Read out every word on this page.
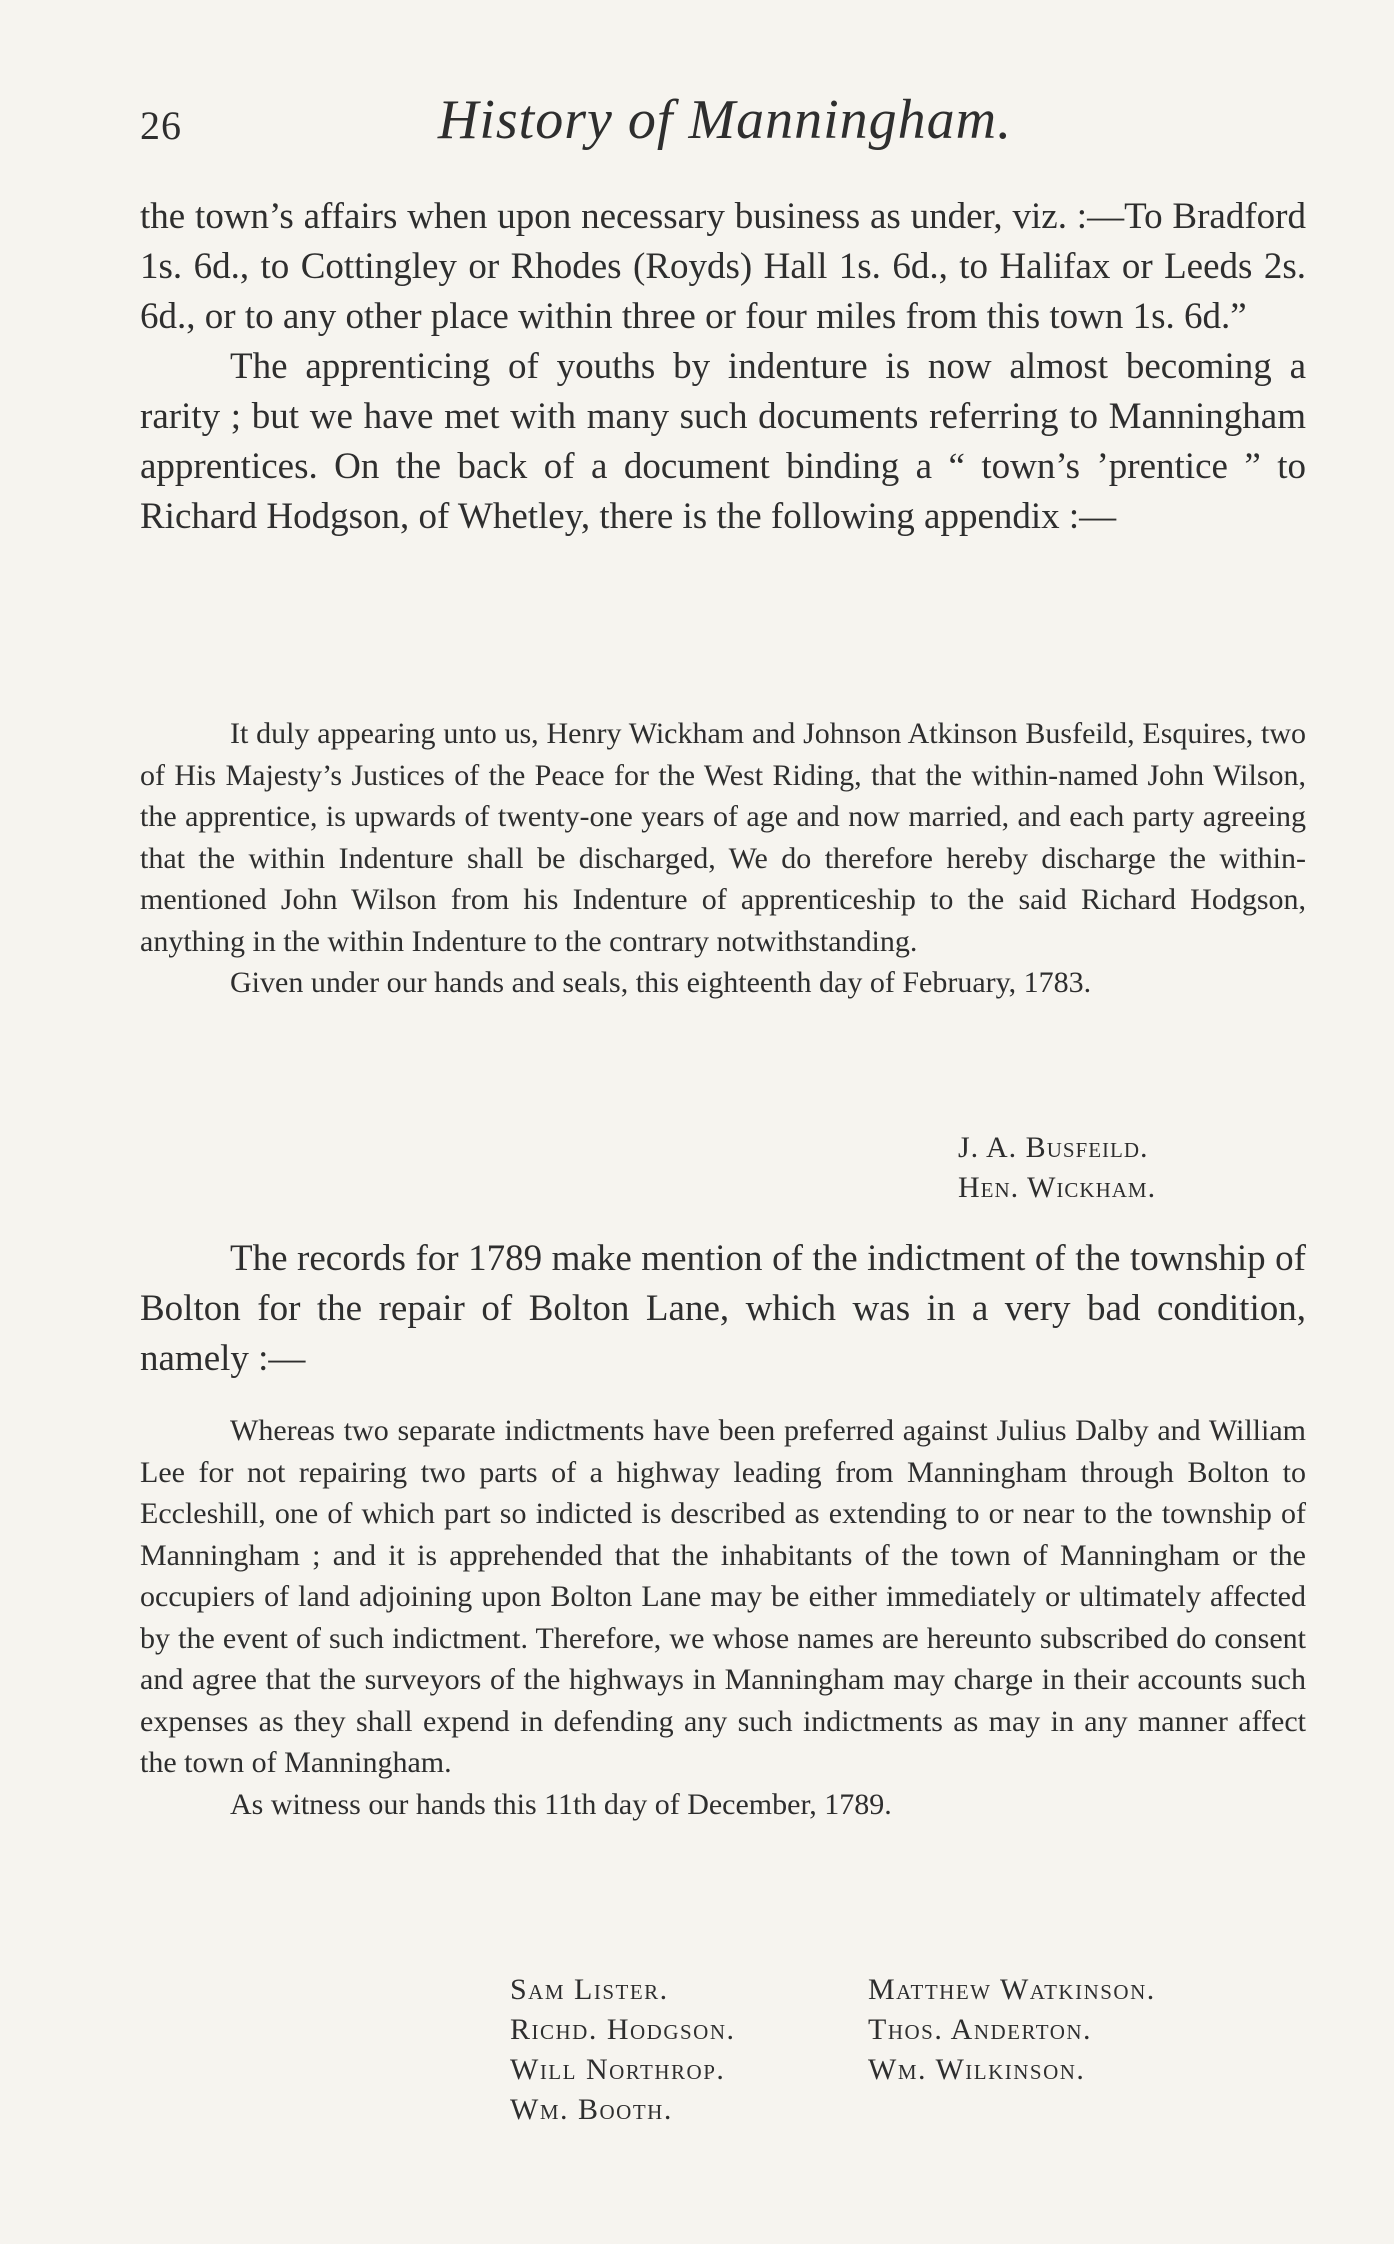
26	History of Manningham.

the town’s affairs when upon necessary business as under, viz. :—To Bradford 1s. 6d., to Cottingley or Rhodes (Royds) Hall 1s. 6d., to Halifax or Leeds 2s. 6d., or to any other place within three or four miles from this town 1s. 6d.”

The apprenticing of youths by indenture is now almost becoming a rarity ; but we have met with many such documents referring to Manningham apprentices. On the back of a document binding a “ town’s ’prentice ” to Richard Hodgson, of Whetley, there is the following appendix :—

It duly appearing unto us, Henry Wickham and Johnson Atkinson Busfeild, Esquires, two of His Majesty’s Justices of the Peace for the West Riding, that the within-named John Wilson, the apprentice, is upwards of twenty-one years of age and now married, and each party agreeing that the within Indenture shall be discharged, We do therefore hereby discharge the within-mentioned John Wilson from his Indenture of apprenticeship to the said Richard Hodgson, anything in the within Indenture to the contrary notwithstanding.

Given under our hands and seals, this eighteenth day of February, 1783.

J. A. Busfeild.
Hen. Wickham.

The records for 1789 make mention of the indictment of the township of Bolton for the repair of Bolton Lane, which was in a very bad condition, namely :—

Whereas two separate indictments have been preferred against Julius Dalby and William Lee for not repairing two parts of a highway leading from Manningham through Bolton to Eccleshill, one of which part so indicted is described as extending to or near to the township of Manningham ; and it is apprehended that the inhabitants of the town of Manningham or the occupiers of land adjoining upon Bolton Lane may be either immediately or ultimately affected by the event of such indictment. Therefore, we whose names are hereunto subscribed do consent and agree that the surveyors of the highways in Manningham may charge in their accounts such expenses as they shall expend in defending any such indictments as may in any manner affect the town of Manningham.

As witness our hands this 11th day of December, 1789.

Sam Lister.	Matthew Watkinson.
Richd. Hodgson.	Thos. Anderton.
Will Northrop.	Wm. Wilkinson.
Wm. Booth.
